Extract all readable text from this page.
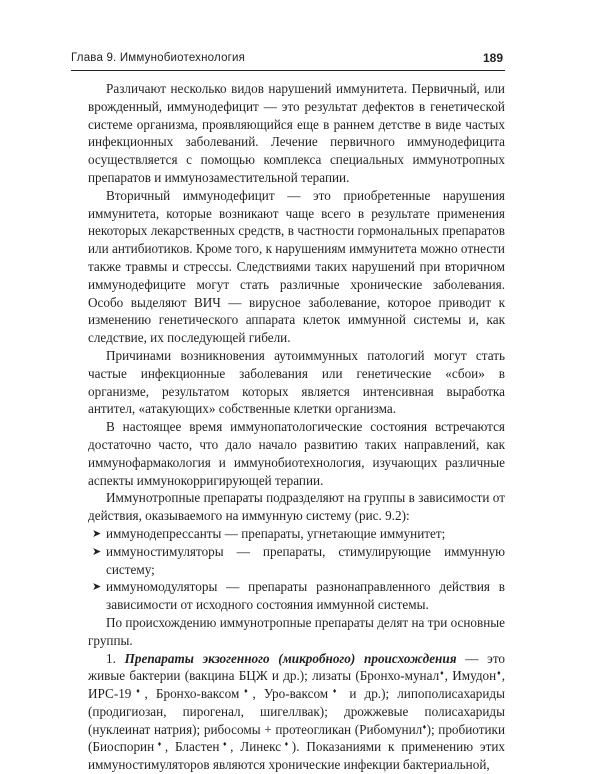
Глава 9. Иммунобиотехнология	189

Различают несколько видов нарушений иммунитета. Первичный, или врожденный, иммунодефицит — это результат дефектов в генетической системе организма, проявляющийся еще в раннем детстве в виде частых инфекционных заболеваний. Лечение первичного иммунодефицита осуществляется с помощью комплекса специальных иммунотропных препаратов и иммунозаместительной терапии.

Вторичный иммунодефицит — это приобретенные нарушения иммунитета, которые возникают чаще всего в результате применения некоторых лекарственных средств, в частности гормональных препаратов или антибиотиков. Кроме того, к нарушениям иммунитета можно отнести также травмы и стрессы. Следствиями таких нарушений при вторичном иммунодефиците могут стать различные хронические заболевания. Особо выделяют ВИЧ — вирусное заболевание, которое приводит к изменению генетического аппарата клеток иммунной системы и, как следствие, их последующей гибели.

Причинами возникновения аутоиммунных патологий могут стать частые инфекционные заболевания или генетические «сбои» в организме, результатом которых является интенсивная выработка антител, «атакующих» собственные клетки организма.

В настоящее время иммунопатологические состояния встречаются достаточно часто, что дало начало развитию таких направлений, как иммунофармакология и иммунобиотехнология, изучающих различные аспекты иммунокорригирующей терапии.

Иммунотропные препараты подразделяют на группы в зависимости от действия, оказываемого на иммунную систему (рис. 9.2):

➤ иммунодепрессанты — препараты, угнетающие иммунитет;
➤ иммуностимуляторы — препараты, стимулирующие иммунную систему;
➤ иммуномодуляторы — препараты разнонаправленного действия в зависимости от исходного состояния иммунной системы.

По происхождению иммунотропные препараты делят на три основные группы.

1. Препараты экзогенного (микробного) происхождения — это живые бактерии (вакцина БЦЖ и др.); лизаты (Бронхо-мунал♦, Имудон♦, ИРС-19♦, Бронхо-ваксом♦, Уро-ваксом♦ и др.); липополисахариды (продигиозан, пирогенал, шигеллвак); дрожжевые полисахариды (нуклеинат натрия); рибосомы + протеогликан (Рибомунил♦); пробиотики (Биоспорин♦, Бластен♦, Линекс♦). Показаниями к применению этих иммуностимуляторов являются хронические инфекции бактериальной,
